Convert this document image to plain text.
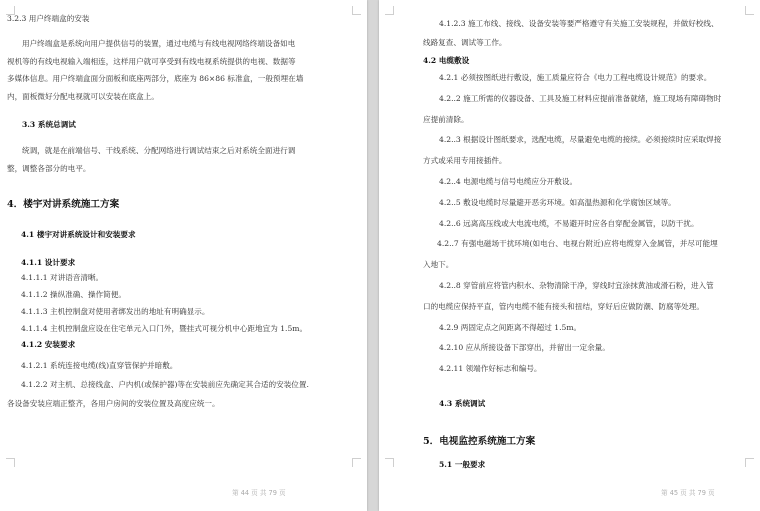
3.2.3 用户终端盒的安装
用户终端盒是系统向用户提供信号的装置，通过电缆与有线电视网络终端设备如电
视机等的有线电视输入端相连，这样用户就可享受到有线电视系统提供的电视、数据等
多媒体信息。用户终端盒面分面板和底座两部分，底座为 86×86 标准盒，一般预埋在墙
内，面板微好分配电视就可以安装在底盒上。
3.3 系统总调试
统调，就是在前端信号、干线系统、分配网络进行调试结束之后对系统全面进行调
整，调整各部分的电平。
4．楼宇对讲系统施工方案
4.1 楼宇对讲系统设计和安装要求
4.1.1 设计要求
4.1.1.1 对讲语音清晰。
4.1.1.2 操纵准确、操作简便。
4.1.1.3 主机控制盘对使用者绑发出的地址有明确显示。
4.1.1.4 主机控制盘应设在住宅单元入口门外，暨挂式可视分机中心距地宜为 1.5m。
4.1.2 安装要求
4.1.2.1 系统连接电缆(线)直穿管保护并暗敷。
4.1.2.2 对主机、总接线盒、户内机(或保护器)等在安装前应先确定其合适的安装位置.
各设备安装应端正整齐，各用户房间的安装位置及高度应统一。
第 44 页 共 79 页
4.1.2.3 施工布线、接线、设备安装等要严格遵守有关施工安装规程，并做好校线、
线路复查、调试等工作。
4.2 电缆敷设
4.2.1 必须按图纸进行敷设，施工质量应符合《电力工程电缆设计规范》的要求。
4.2..2 施工所需的仪器设备、工具及施工材料应提前准备就绪，施工现场有障碍物时
应提前清除。
4.2..3 根据设计图纸要求，选配电缆，尽量避免电缆的接续。必须接续时应采取焊接
方式或采用专用接插件。
4.2..4 电源电缆与信号电缆应分开敷设。
4.2..5 敷设电缆时尽量避开恶劣环境。如高温热源和化学腐蚀区域等。
4.2..6 远离高压线或大电流电缆，不易避开时应各自穿配金属管，以防干扰。
4.2..7 有强电磁场干扰环境(如电台、电视台附近)应将电缆穿入金属管，并尽可能埋
入地下。
4.2..8 穿管前应将管内积水、杂物清除干净，穿线时宜涂抹黄油或滑石粉，进入管
口的电缆应保持平直，管内电缆不能有接头和扭结，穿好后应做防潮、防腐等处理。
4.2.9 两固定点之间距离不得超过 1.5m。
4.2.10 应从所接设备下部穿出，并留出一定余量。
4.2.11 领端作好标志和编号。
4.3 系统调试
5．电视监控系统施工方案
5.1 一般要求
第 45 页 共 79 页
